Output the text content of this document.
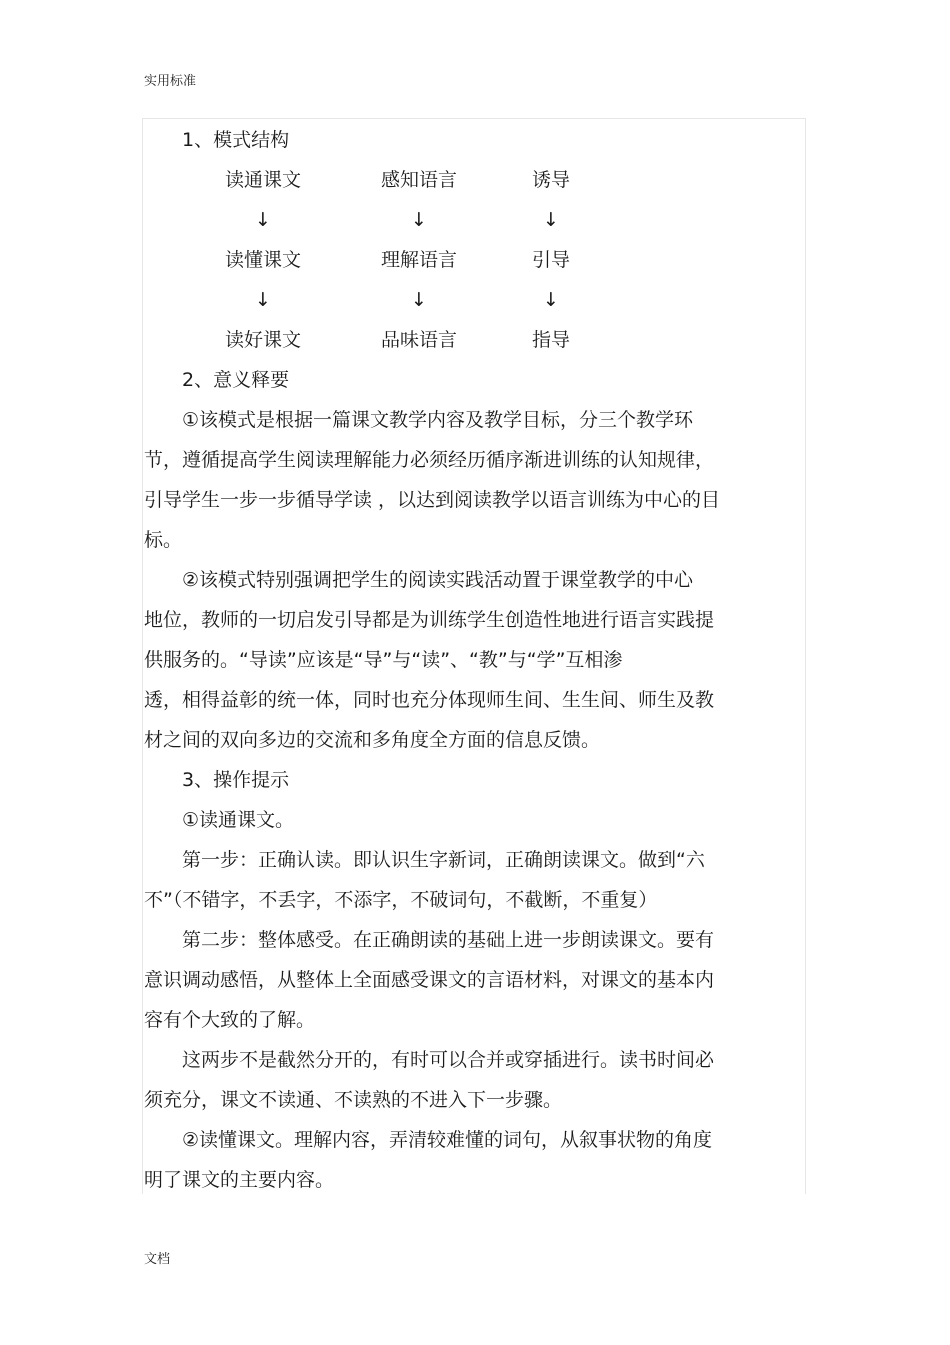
实用标准

1、模式结构

读通课文	感知语言	诱导
↓	↓	↓
读懂课文	理解语言	引导
↓	↓	↓
读好课文	品味语言	指导

2、意义释要

①该模式是根据一篇课文教学内容及教学目标，分三个教学环

节，遵循提高学生阅读理解能力必须经历循序渐进训练的认知规律，

引导学生一步一步循导学读 ，以达到阅读教学以语言训练为中心的目

标。

②该模式特别强调把学生的阅读实践活动置于课堂教学的中心

地位，教师的一切启发引导都是为训练学生创造性地进行语言实践提

供服务的。“导读”应该是“导”与“读”、“教”与“学”互相渗

透，相得益彰的统一体，同时也充分体现师生间、生生间、师生及教

材之间的双向多边的交流和多角度全方面的信息反馈。

3、操作提示

①读通课文。

第一步：正确认读。即认识生字新词，正确朗读课文。做到“六

不”（不错字，不丢字，不添字，不破词句，不截断，不重复）

第二步：整体感受。在正确朗读的基础上进一步朗读课文。要有

意识调动感悟，从整体上全面感受课文的言语材料，对课文的基本内

容有个大致的了解。

这两步不是截然分开的，有时可以合并或穿插进行。读书时间必

须充分，课文不读通、不读熟的不进入下一步骤。

②读懂课文。理解内容，弄清较难懂的词句，从叙事状物的角度

明了课文的主要内容。

文档
